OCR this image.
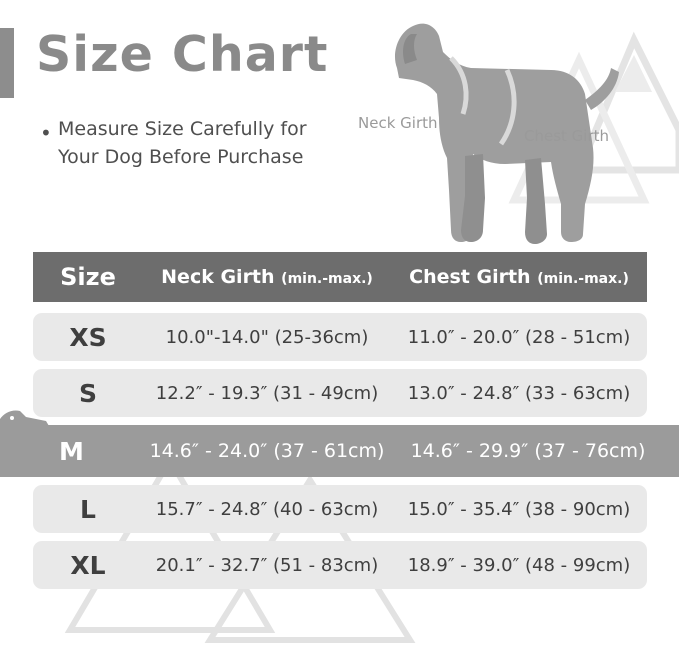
Size Chart
• Measure Size Carefully for Your Dog Before Purchase
Neck Girth
Chest Girth
Size	Neck Girth (min.-max.)	Chest Girth (min.-max.)
XS	10.0"-14.0" (25-36cm)	11.0″ - 20.0″ (28 - 51cm)
S	12.2″ - 19.3″ (31 - 49cm)	13.0″ - 24.8″ (33 - 63cm)
M	14.6″ - 24.0″ (37 - 61cm)	14.6″ - 29.9″ (37 - 76cm)
L	15.7″ - 24.8″ (40 - 63cm)	15.0″ - 35.4″ (38 - 90cm)
XL	20.1″ - 32.7″ (51 - 83cm)	18.9″ - 39.0″ (48 - 99cm)
